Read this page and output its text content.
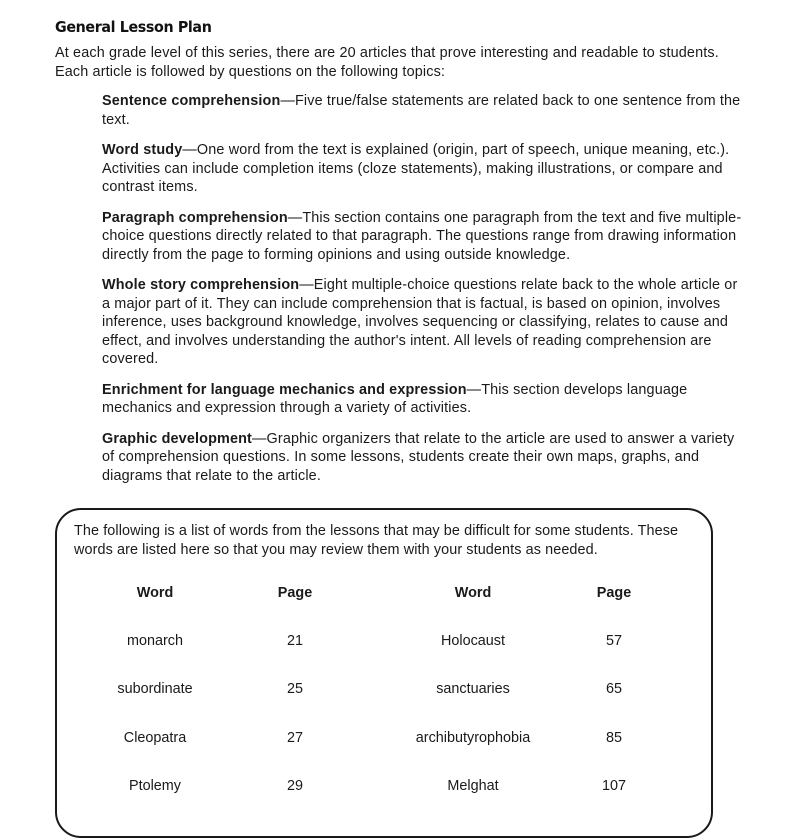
General Lesson Plan
At each grade level of this series, there are 20 articles that prove interesting and readable to students. Each article is followed by questions on the following topics:
Sentence comprehension—Five true/false statements are related back to one sentence from the text.
Word study—One word from the text is explained (origin, part of speech, unique meaning, etc.). Activities can include completion items (cloze statements), making illustrations, or compare and contrast items.
Paragraph comprehension—This section contains one paragraph from the text and five multiple-choice questions directly related to that paragraph. The questions range from drawing information directly from the page to forming opinions and using outside knowledge.
Whole story comprehension—Eight multiple-choice questions relate back to the whole article or a major part of it. They can include comprehension that is factual, is based on opinion, involves inference, uses background knowledge, involves sequencing or classifying, relates to cause and effect, and involves understanding the author's intent. All levels of reading comprehension are covered.
Enrichment for language mechanics and expression—This section develops language mechanics and expression through a variety of activities.
Graphic development—Graphic organizers that relate to the article are used to answer a variety of comprehension questions. In some lessons, students create their own maps, graphs, and diagrams that relate to the article.
The following is a list of words from the lessons that may be difficult for some students. These words are listed here so that you may review them with your students as needed.
Word	Page	Word	Page
monarch	21	Holocaust	57
subordinate	25	sanctuaries	65
Cleopatra	27	archibutyrophobia	85
Ptolemy	29	Melghat	107
